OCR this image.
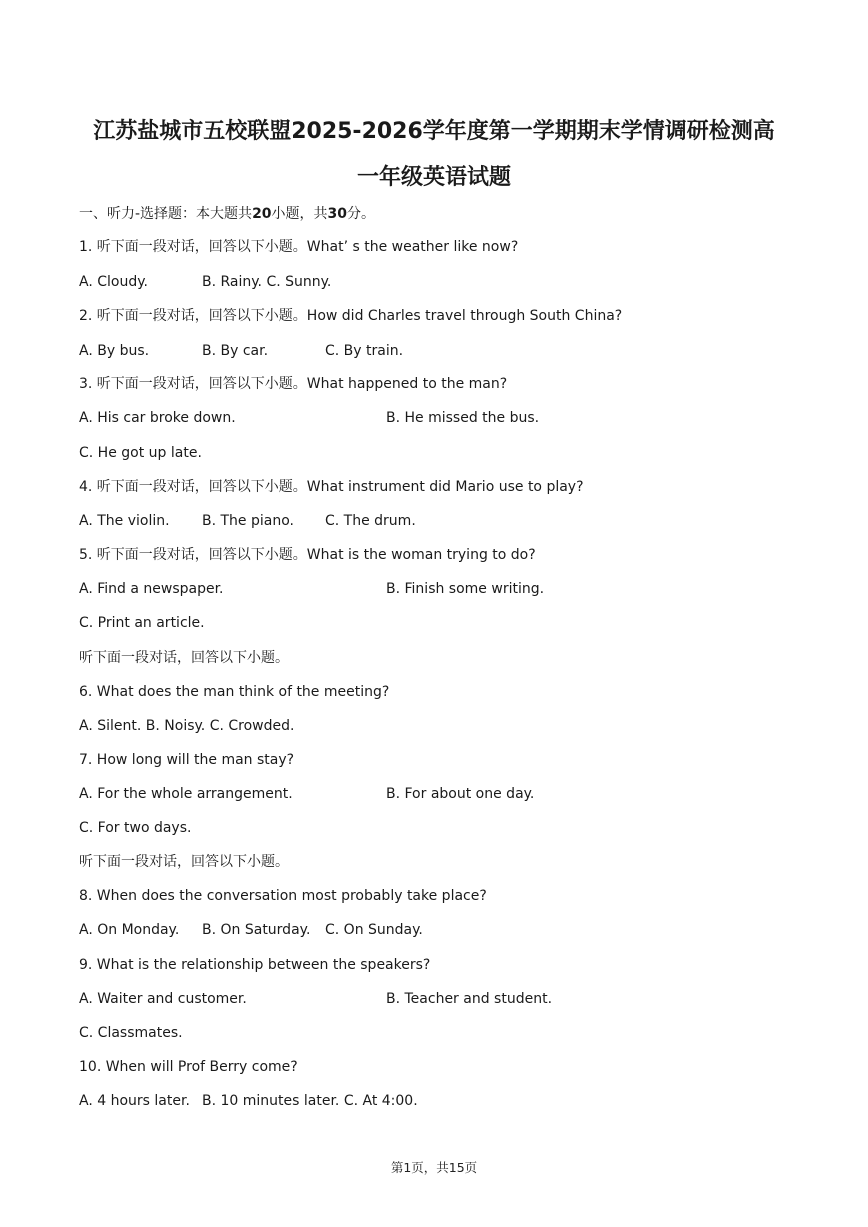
江苏盐城市五校联盟2025-2026学年度第一学期期末学情调研检测高
一年级英语试题
一、听力-选择题：本大题共20小题，共30分。
1. 听下面一段对话，回答以下小题。What’ s the weather like now?
A. Cloudy.	B. Rainy. C. Sunny.
2. 听下面一段对话，回答以下小题。How did Charles travel through South China?
A. By bus.	B. By car.	C. By train.
3. 听下面一段对话，回答以下小题。What happened to the man?
A. His car broke down.	B. He missed the bus.
C. He got up late.
4. 听下面一段对话，回答以下小题。What instrument did Mario use to play?
A. The violin. B. The piano. C. The drum.
5. 听下面一段对话，回答以下小题。What is the woman trying to do?
A. Find a newspaper.	B. Finish some writing.
C. Print an article.
听下面一段对话，回答以下小题。
6. What does the man think of the meeting?
A. Silent. B. Noisy. C. Crowded.
7. How long will the man stay?
A. For the whole arrangement.	B. For about one day.
C. For two days.
听下面一段对话，回答以下小题。
8. When does the conversation most probably take place?
A. On Monday. B. On Saturday. C. On Sunday.
9. What is the relationship between the speakers?
A. Waiter and customer.	B. Teacher and student.
C. Classmates.
10. When will Prof Berry come?
A. 4 hours later. B. 10 minutes later. C. At 4:00.
第1页，共15页
